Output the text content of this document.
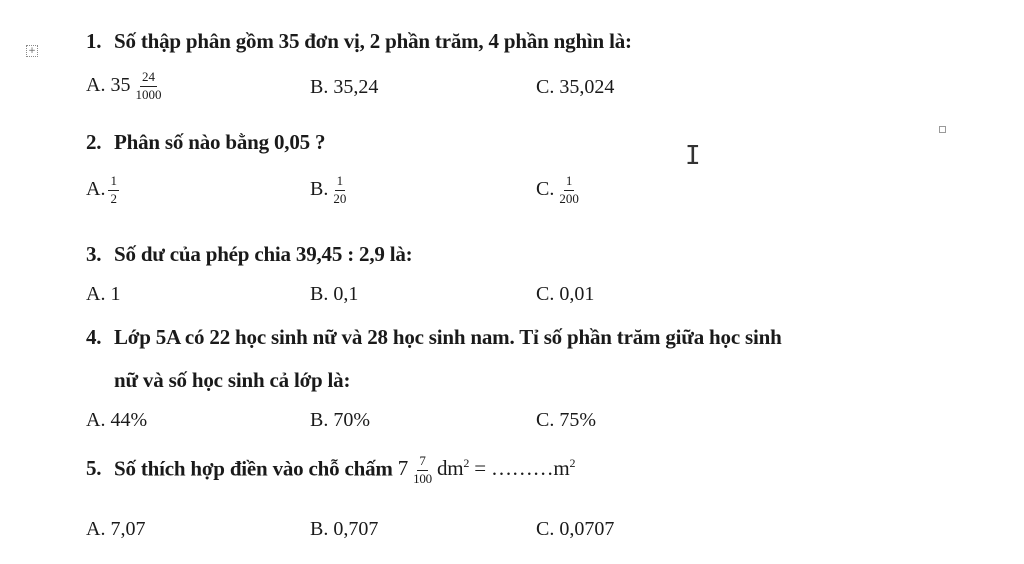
+
I
1. Số thập phân gồm 35 đơn vị, 2 phần trăm, 4 phần nghìn là:
A. $35 \frac{24}{1000}$	B. 35,24	C. 35,024
2. Phân số nào bằng 0,05 ?
A. $\frac{1}{2}$	B. $\frac{1}{20}$	C. $\frac{1}{200}$
3. Số dư của phép chia 39,45 : 2,9 là:
A. 1	B. 0,1	C. 0,01
4. Lớp 5A có 22 học sinh nữ và 28 học sinh nam. Tỉ số phần trăm giữa học sinh
nữ và số học sinh cả lớp là:
A. 44%	B. 70%	C. 75%
5. Số thích hợp điền vào chỗ chấm $7 \frac{7}{100} dm^2$ = $\dots\dots\dots m^2$
A. 7,07	B. 0,707	C. 0,0707
